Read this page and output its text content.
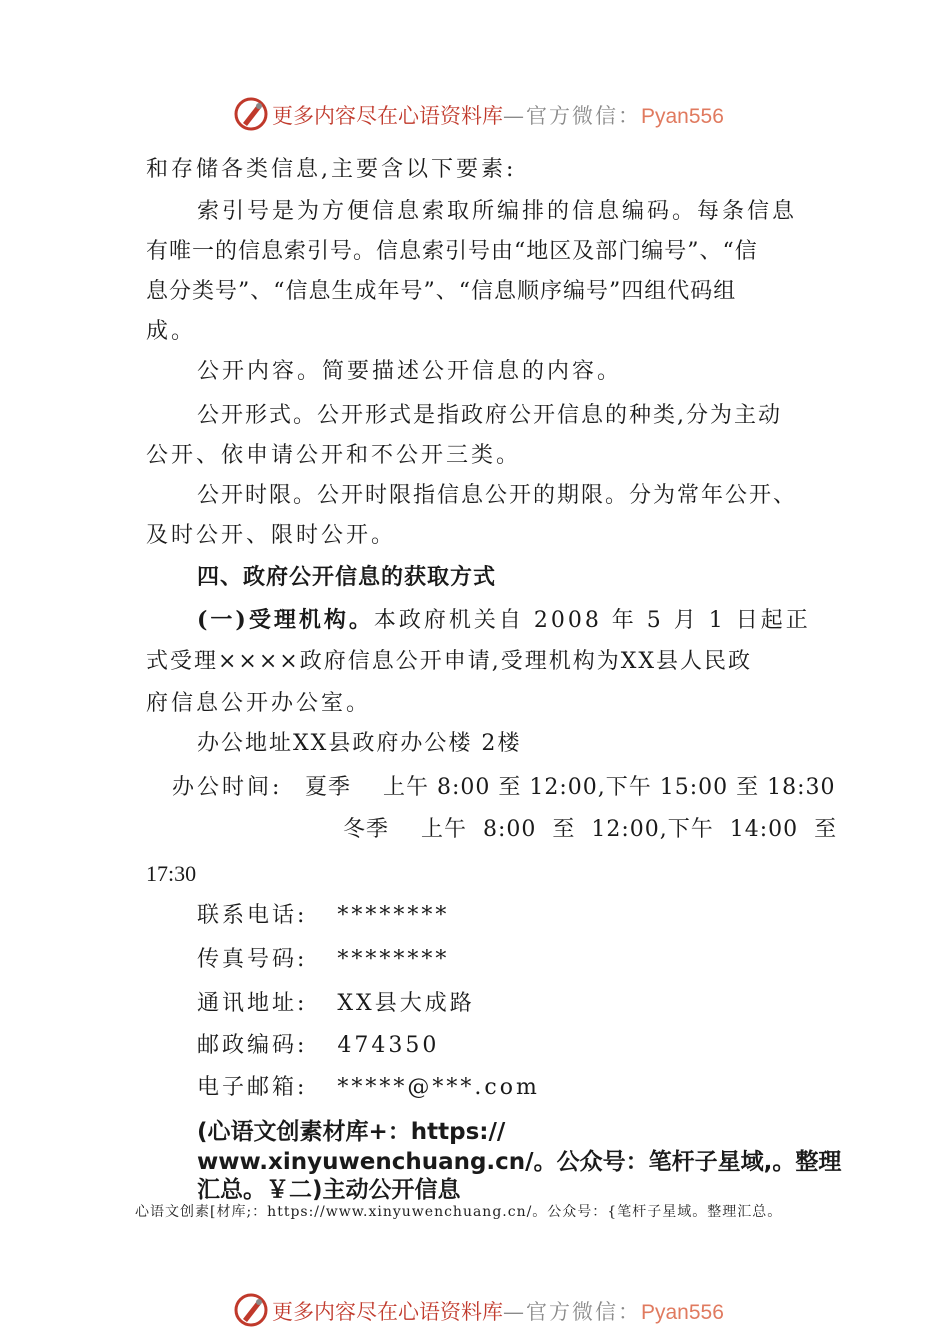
更多内容尽在心语资料库—官方微信：Pyan556
和存储各类信息,主要含以下要素:
索引号是为方便信息索取所编排的信息编码。每条信息
有唯一的信息索引号。信息索引号由“地区及部门编号”、“信
息分类号”、“信息生成年号”、“信息顺序编号”四组代码组
成。
公开内容。简要描述公开信息的内容。
公开形式。公开形式是指政府公开信息的种类,分为主动
公开、依申请公开和不公开三类。
公开时限。公开时限指信息公开的期限。分为常年公开、
及时公开、限时公开。
四、政府公开信息的获取方式
(一)受理机构。本政府机关自 2008 年 5 月 1 日起正
式受理××××政府信息公开申请,受理机构为XX县人民政
府信息公开办公室。
办公地址XX县政府办公楼 2楼
办公时间: 夏季    上午 8:00 至 12:00,下午 15:00 至 18:30
冬季    上午  8:00  至  12:00,下午  14:00  至
17:30
联系电话:   ********
传真号码:   ********
通讯地址:   XX县大成路
邮政编码:   474350
电子邮箱:   *****@***.com
(心语文创素材库+：https://
www.xinyuwenchuang.cn/。公众号：笔杆子星域,。整理
汇总。￥二)主动公开信息
心语文创素[材库;：https://www.xinyuwenchuang.cn/。公众号：{笔杆子星域。整理汇总。
更多内容尽在心语资料库—官方微信：Pyan556
